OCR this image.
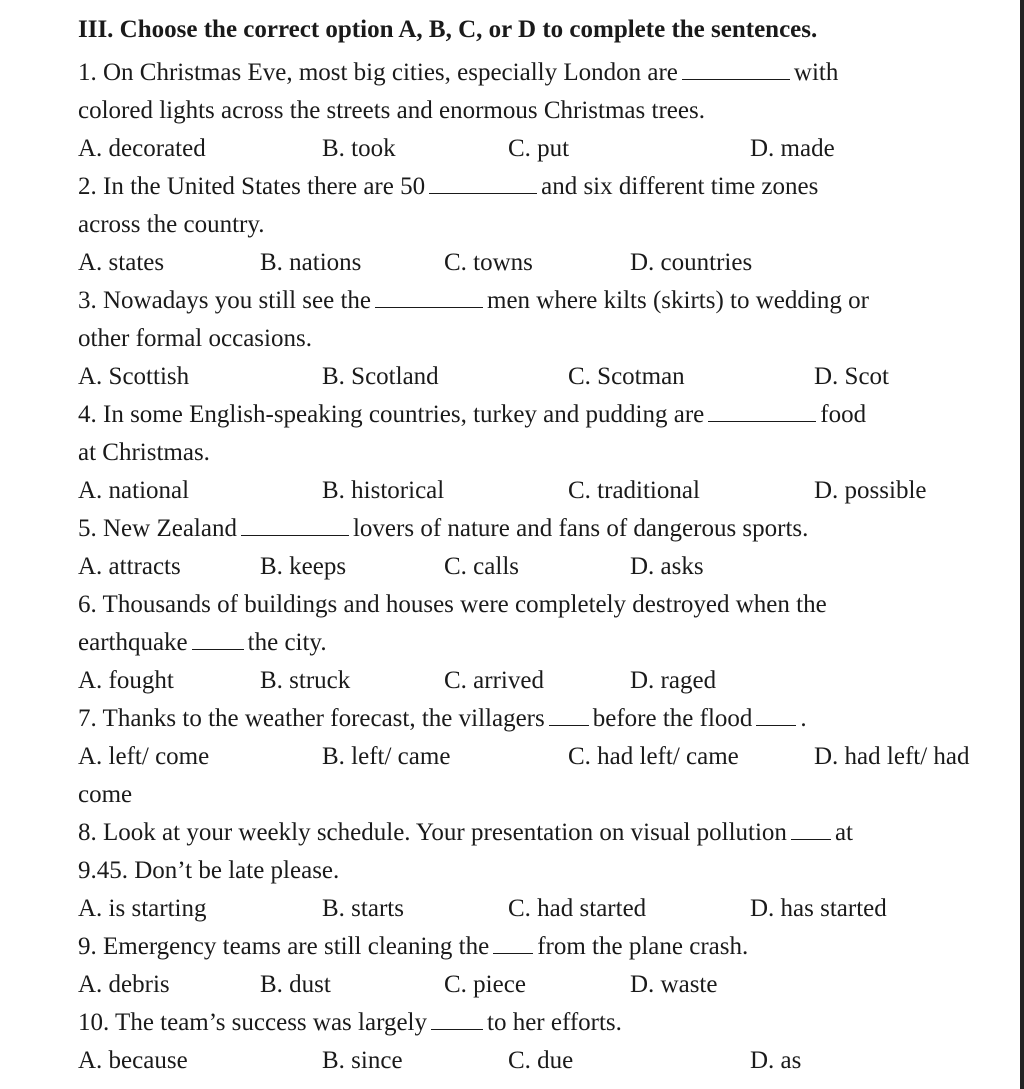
III. Choose the correct option A, B, C, or D to complete the sentences.
1. On Christmas Eve, most big cities, especially London are	with
colored lights across the streets and enormous Christmas trees.
A. decorated	B. took	C. put	D. made
2. In the United States there are 50	and six different time zones
across the country.
A. states	B. nations	C. towns	D. countries
3. Nowadays you still see the	men where kilts (skirts) to wedding or
other formal occasions.
A. Scottish	B. Scotland	C. Scotman	D. Scot
4. In some English-speaking countries, turkey and pudding are	food
at Christmas.
A. national	B. historical	C. traditional	D. possible
5. New Zealand	lovers of nature and fans of dangerous sports.
A. attracts	B. keeps	C. calls	D. asks
6. Thousands of buildings and houses were completely destroyed when the
earthquake the city.
A. fought	B. struck	C. arrived	D. raged
7. Thanks to the weather forecast, the villagers before the flood .
A. left/ come	B. left/ came	C. had left/ came	D. had left/ had
come
8. Look at your weekly schedule. Your presentation on visual pollution at
9.45. Don’t be late please.
A. is starting	B. starts	C. had started	D. has started
9. Emergency teams are still cleaning the from the plane crash.
A. debris	B. dust	C. piece	D. waste
10. The team’s success was largely to her efforts.
A. because	B. since	C. due	D. as
